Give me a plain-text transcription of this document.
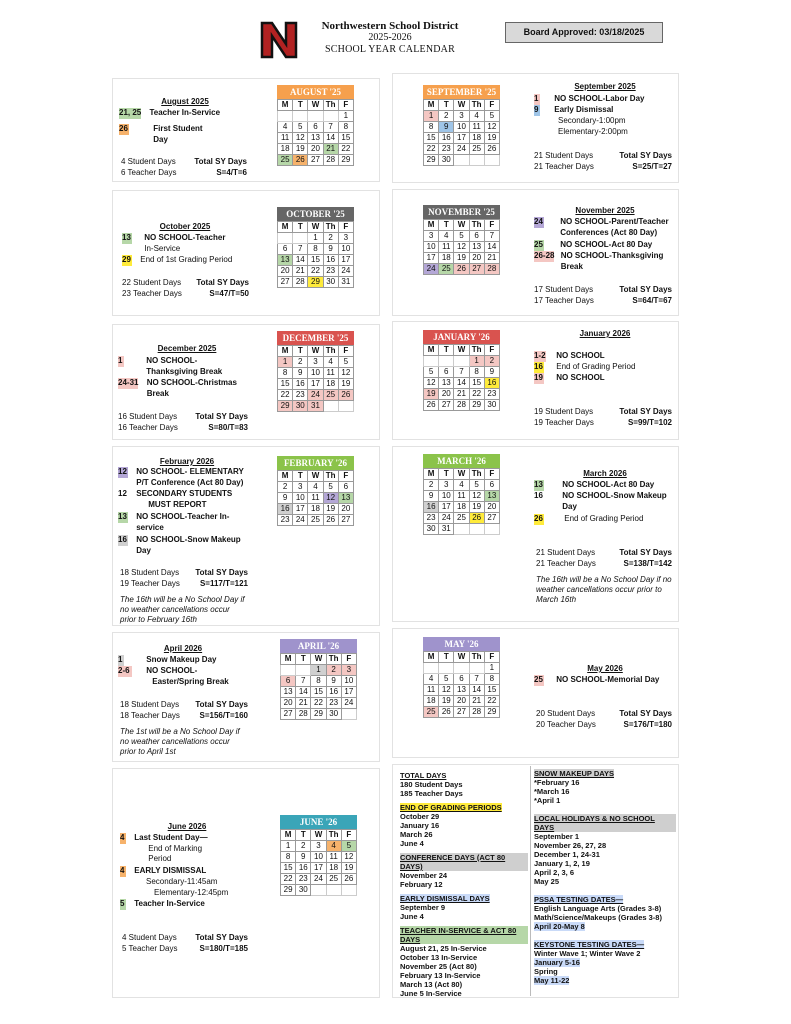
Northwestern School District
2025-2026
SCHOOL YEAR CALENDAR
Board Approved: 03/18/2025
August 2025
21, 25 Teacher In-Service
26	First Student
Day
4 Student Days Total SY Days
6 Teacher Days	S=4/T=6
AUGUST '25
M	T	W	Th	F
				1
4	5	6	7	8
11	12	13	14	15
18	19	20	21	22
25	26	27	28	29
SEPTEMBER '25
M	T	W	Th	F
1	2	3	4	5
8	9	10	11	12
15	16	17	18	19
22	23	24	25	26
29	30			
September 2025
1 NO SCHOOL-Labor Day
9 Early Dismissal
Secondary-1:00pm
Elementary-2:00pm
21 Student Days	Total SY Days
21 Teacher Days	S=25/T=27
October 2025
13 NO SCHOOL-Teacher
In-Service
29 End of 1st Grading Period
22 Student Days Total SY Days
23 Teacher Days	S=47/T=50
OCTOBER '25
M	T	W	Th	F
		1	2	3
6	7	8	9	10
13	14	15	16	17
20	21	22	23	24
27	28	29	30	31
NOVEMBER '25
M	T	W	Th	F
3	4	5	6	7
10	11	12	13	14
17	18	19	20	21
24	25	26	27	28
November 2025
24 NO SCHOOL-Parent/Teacher
Conferences (Act 80 Day)
25 NO SCHOOL-Act 80 Day
26-28 NO SCHOOL-Thanksgiving
Break
17 Student Days	Total SY Days
17 Teacher Days	S=64/T=67
December 2025
1	NO SCHOOL-
Thanksgiving Break
24-31 NO SCHOOL-Christmas
Break
16 Student Days Total SY Days
16 Teacher Days	S=80/T=83
DECEMBER '25
M	T	W	Th	F
1	2	3	4	5
8	9	10	11	12
15	16	17	18	19
22	23	24	25	26
29	30	31		
JANUARY '26
M	T	W	Th	F
			1	2
5	6	7	8	9
12	13	14	15	16
19	20	21	22	23
26	27	28	29	30
January 2026
1-2 NO SCHOOL
16 End of Grading Period
19 NO SCHOOL
19 Student Days	Total SY Days
19 Teacher Days	S=99/T=102
February 2026
12 NO SCHOOL- ELEMENTARY
P/T Conference (Act 80 Day)
12 SECONDARY STUDENTS
MUST REPORT
13 NO SCHOOL-Teacher In-
service
16 NO SCHOOL-Snow Makeup
Day
18 Student Days Total SY Days
19 Teacher Days	S=117/T=121
The 16th will be a No School Day if
no weather cancellations occur
prior to February 16th
FEBRUARY '26
M	T	W	Th	F
2	3	4	5	6
9	10	11	12	13
16	17	18	19	20
23	24	25	26	27
MARCH '26
M	T	W	Th	F
2	3	4	5	6
9	10	11	12	13
16	17	18	19	20
23	24	25	26	27
30	31			
March 2026
13 NO SCHOOL-Act 80 Day
16 NO SCHOOL-Snow Makeup
Day
26	End of Grading Period
21 Student Days	Total SY Days
21 Teacher Days	S=138/T=142
The 16th will be a No School Day if no
weather cancellations occur prior to
March 16th
April 2026
1	Snow Makeup Day
2-6 NO SCHOOL-
Easter/Spring Break
18 Student Days Total SY Days
18 Teacher Days S=156/T=160
The 1st will be a No School Day if
no weather cancellations occur
prior to April 1st
APRIL '26
M	T	W	Th	F
		1	2	3
6	7	8	9	10
13	14	15	16	17
20	21	22	23	24
27	28	29	30	
MAY '26
M	T	W	Th	F
				1
4	5	6	7	8
11	12	13	14	15
18	19	20	21	22
25	26	27	28	29
May 2026
25 NO SCHOOL-Memorial Day
20 Student Days	Total SY Days
20 Teacher Days	S=176/T=180
June 2026
4 Last Student Day—
End of Marking
Period
4 EARLY DISMISSAL
Secondary-11:45am
Elementary-12:45pm
5 Teacher In-Service
4 Student Days Total SY Days
5 Teacher Days	S=180/T=185
JUNE '26
M	T	W	Th	F
1	2	3	4	5
8	9	10	11	12
15	16	17	18	19
22	23	24	25	26
29	30			
TOTAL DAYS
180 Student Days
185 Teacher Days
END OF GRADING PERIODS
October 29
January 16
March 26
June 4
CONFERENCE DAYS (ACT 80 DAYS)
November 24
February 12
EARLY DISMISSAL DAYS
September 9
June 4
TEACHER IN-SERVICE & ACT 80 DAYS
August 21, 25 In-Service
October 13 In-Service
November 25 (Act 80)
February 13 In-Service
March 13 (Act 80)
June 5 In-Service
SNOW MAKEUP DAYS
*February 16
*March 16
*April 1
LOCAL HOLIDAYS & NO SCHOOL DAYS
September 1
November 26, 27, 28
December 1, 24-31
January 1, 2, 19
April 2, 3, 6
May 25
PSSA TESTING DATES—
English Language Arts (Grades 3-8)
Math/Science/Makeups (Grades 3-8)
April 20-May 8 KEYSTONE TESTING DATES—
Winter Wave 1; Winter Wave 2
January 5-16
Spring
May 11-22
